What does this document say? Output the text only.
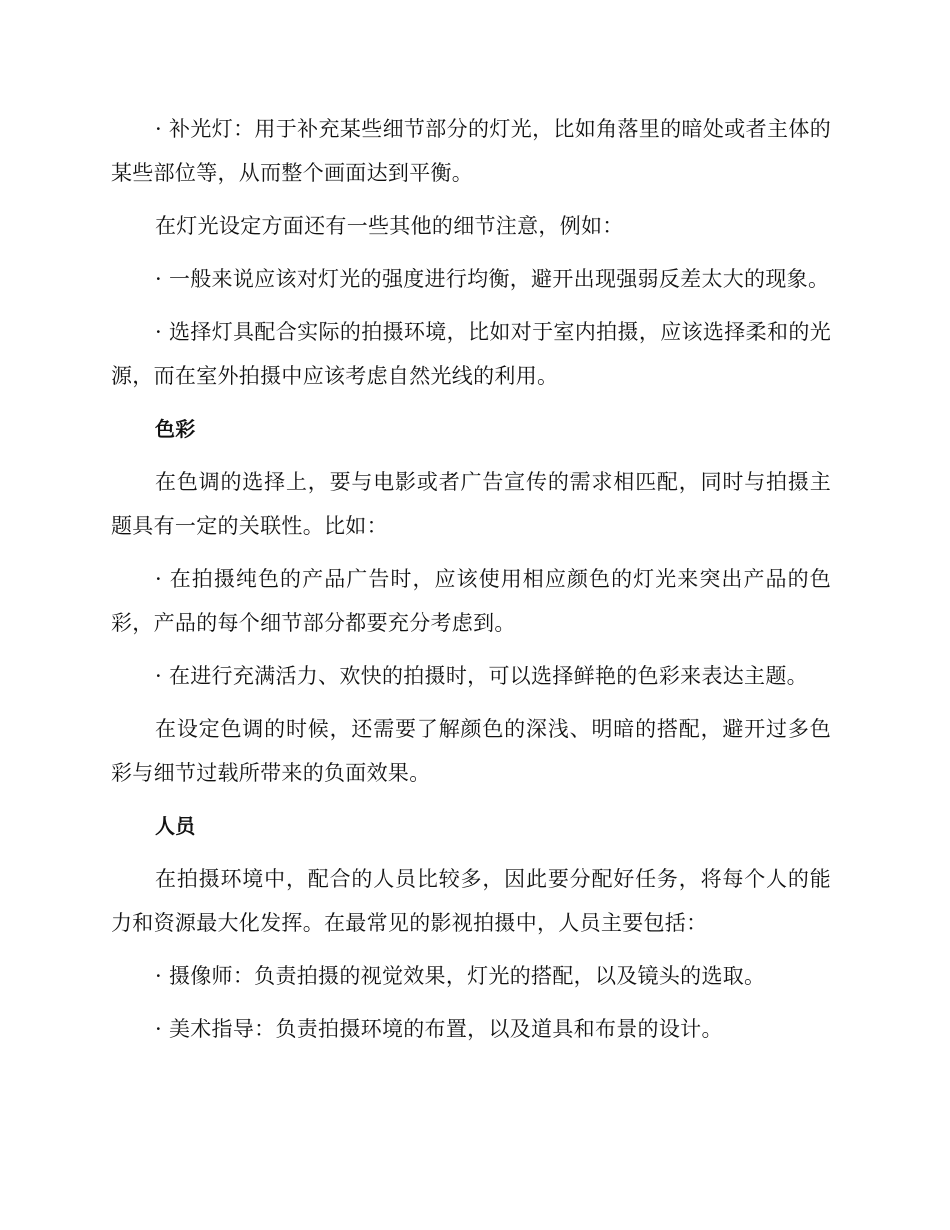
· 补光灯：用于补充某些细节部分的灯光，比如角落里的暗处或者主体的某些部位等，从而整个画面达到平衡。

在灯光设定方面还有一些其他的细节注意，例如：

· 一般来说应该对灯光的强度进行均衡，避开出现强弱反差太大的现象。

· 选择灯具配合实际的拍摄环境，比如对于室内拍摄，应该选择柔和的光源，而在室外拍摄中应该考虑自然光线的利用。

色彩

在色调的选择上，要与电影或者广告宣传的需求相匹配，同时与拍摄主题具有一定的关联性。比如：

· 在拍摄纯色的产品广告时，应该使用相应颜色的灯光来突出产品的色彩，产品的每个细节部分都要充分考虑到。

· 在进行充满活力、欢快的拍摄时，可以选择鲜艳的色彩来表达主题。

在设定色调的时候，还需要了解颜色的深浅、明暗的搭配，避开过多色彩与细节过载所带来的负面效果。

人员

在拍摄环境中，配合的人员比较多，因此要分配好任务，将每个人的能力和资源最大化发挥。在最常见的影视拍摄中，人员主要包括：

· 摄像师：负责拍摄的视觉效果，灯光的搭配，以及镜头的选取。

· 美术指导：负责拍摄环境的布置，以及道具和布景的设计。
